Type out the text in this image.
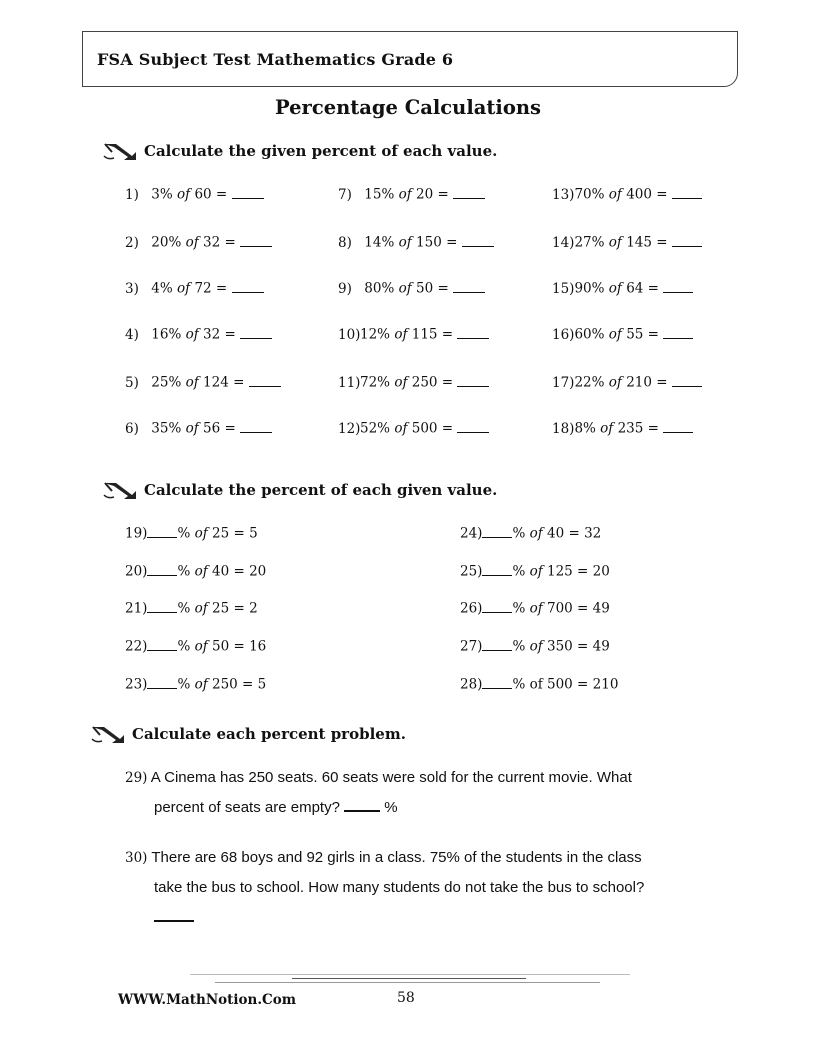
FSA Subject Test Mathematics Grade 6
Percentage Calculations
Calculate the given percent of each value.
1) 3% of 60 =
2) 20% of 32 =
3) 4% of 72 =
4) 16% of 32 =
5) 25% of 124 =
6) 35% of 56 =
7) 15% of 20 =
8) 14% of 150 =
9) 80% of 50 =
10)12% of 115 =
11)72% of 250 =
12)52% of 500 =
13)70% of 400 =
14)27% of 145 =
15)90% of 64 =
16)60% of 55 =
17)22% of 210 =
18)8% of 235 =
Calculate the percent of each given value.
19) % of 25 = 5
20) % of 40 = 20
21) % of 25 = 2
22) % of 50 = 16
23) % of 250 = 5
24) % of 40 = 32
25) % of 125 = 20
26) % of 700 = 49
27) % of 350 = 49
28) % of 500 = 210
Calculate each percent problem.
29) A Cinema has 250 seats. 60 seats were sold for the current movie. What
percent of seats are empty?	%
30) There are 68 boys and 92 girls in a class. 75% of the students in the class
take the bus to school. How many students do not take the bus to school?
WWW.MathNotion.Com	58
